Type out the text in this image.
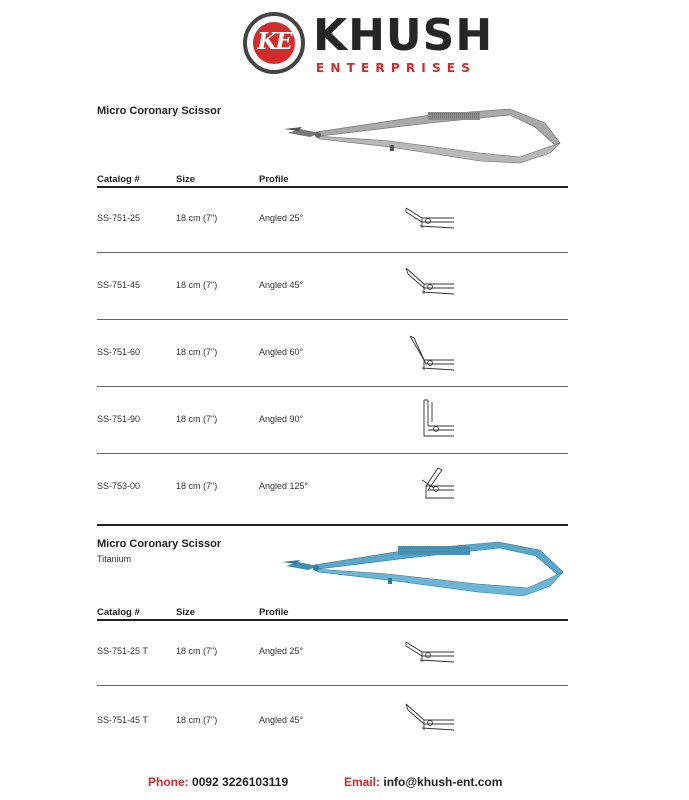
KE KHUSH
ENTERPRISES
Micro Coronary Scissor
Catalog #	Size	Profile
SS-751-25	18 cm (7")	Angled 25°
SS-751-45	18 cm (7")	Angled 45°
SS-751-60	18 cm (7")	Angled 60°
SS-751-90	18 cm (7")	Angled 90°
SS-753-00	18 cm (7")	Angled 125°
Micro Coronary Scissor
Titanium
Catalog #	Size	Profile
SS-751-25 T	18 cm (7")	Angled 25°
SS-751-45 T	18 cm (7")	Angled 45°
Phone: 0092 3226103119	Email: info@khush-ent.com
